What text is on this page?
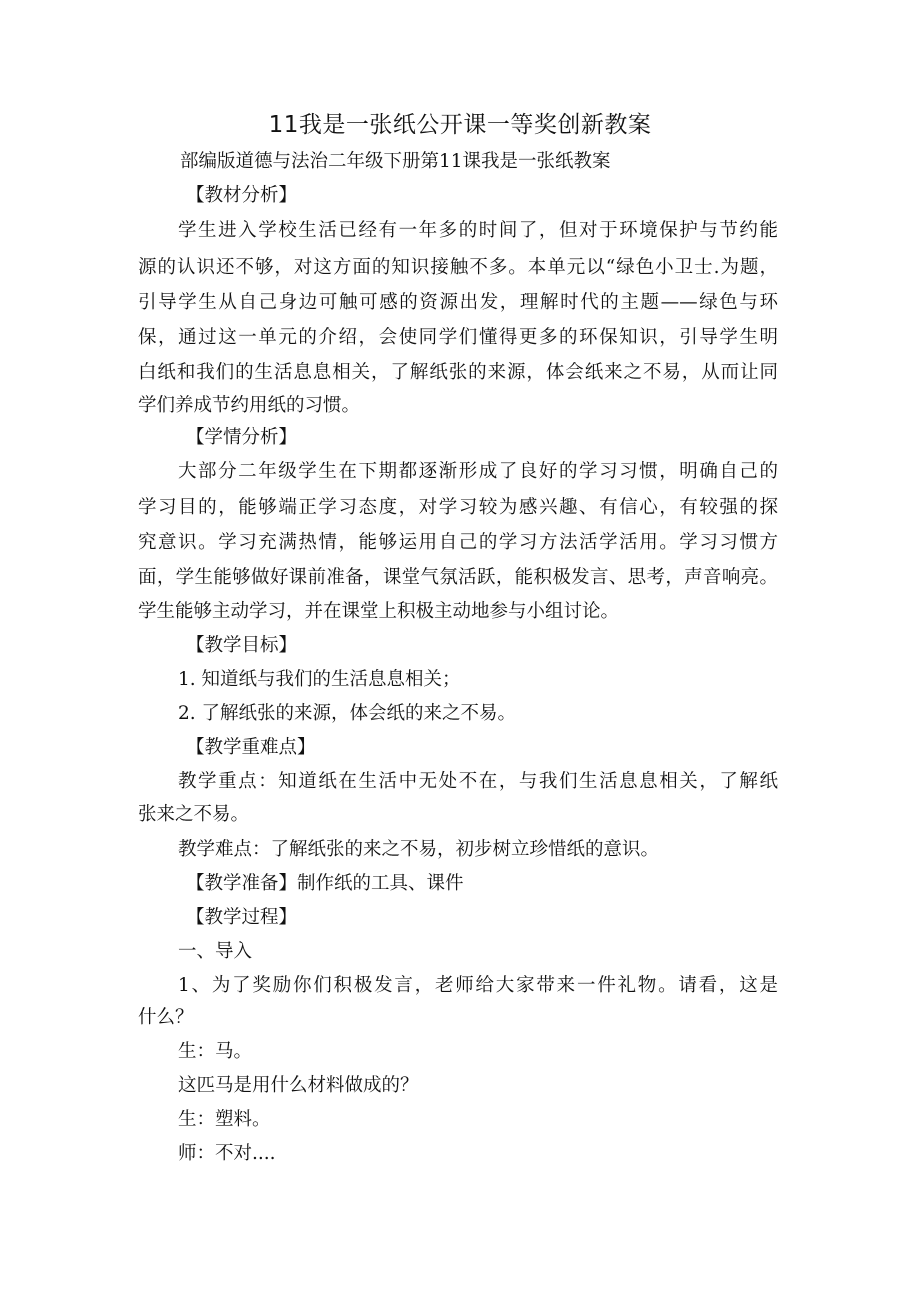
11我是一张纸公开课一等奖创新教案
部编版道德与法治二年级下册第11课我是一张纸教案
【教材分析】
学生进入学校生活已经有一年多的时间了，但对于环境保护与节约能
源的认识还不够，对这方面的知识接触不多。本单元以“绿色小卫士.为题，
引导学生从自己身边可触可感的资源出发，理解时代的主题——绿色与环
保，通过这一单元的介绍，会使同学们懂得更多的环保知识，引导学生明
白纸和我们的生活息息相关，了解纸张的来源，体会纸来之不易，从而让同
学们养成节约用纸的习惯。
【学情分析】
大部分二年级学生在下期都逐渐形成了良好的学习习惯，明确自己的
学习目的，能够端正学习态度，对学习较为感兴趣、有信心，有较强的探
究意识。学习充满热情，能够运用自己的学习方法活学活用。学习习惯方
面，学生能够做好课前准备，课堂气氛活跃，能积极发言、思考，声音响亮。
学生能够主动学习，并在课堂上积极主动地参与小组讨论。
【教学目标】
1. 知道纸与我们的生活息息相关；
2. 了解纸张的来源，体会纸的来之不易。
【教学重难点】
教学重点：知道纸在生活中无处不在，与我们生活息息相关，了解纸
张来之不易。
教学难点：了解纸张的来之不易，初步树立珍惜纸的意识。
【教学准备】制作纸的工具、课件
【教学过程】
一、导入
1、为了奖励你们积极发言，老师给大家带来一件礼物。请看，这是
什么？
生：马。
这匹马是用什么材料做成的？
生：塑料。
师：不对....
